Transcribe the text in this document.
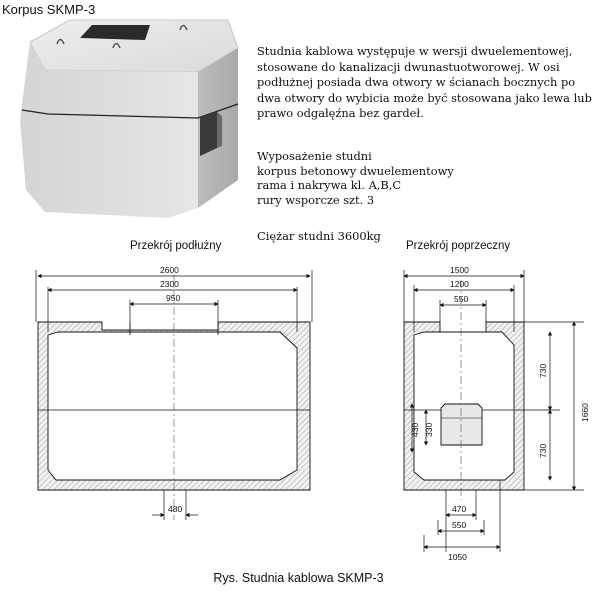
Korpus SKMP-3

Studnia kablowa występuje w wersji dwuelementowej, stosowane do kanalizacji dwunastuotworowej. W osi podłużnej posiada dwa otwory w ścianach bocznych po dwa otwory do wybicia może być stosowana jako lewa lub prawo odgałęźna bez gardeł.

Wyposażenie studni
korpus betonowy dwuelementowy
rama i nakrywa kl. A,B,C
rury wsporcze szt. 3
Ciężar studni 3600kg
Przekrój podłużny	Przekrój poprzeczny
2600
2300
950
480
1500
1200
550
730
730
1660
430 330
470
550
1050
Rys. Studnia kablowa SKMP-3
